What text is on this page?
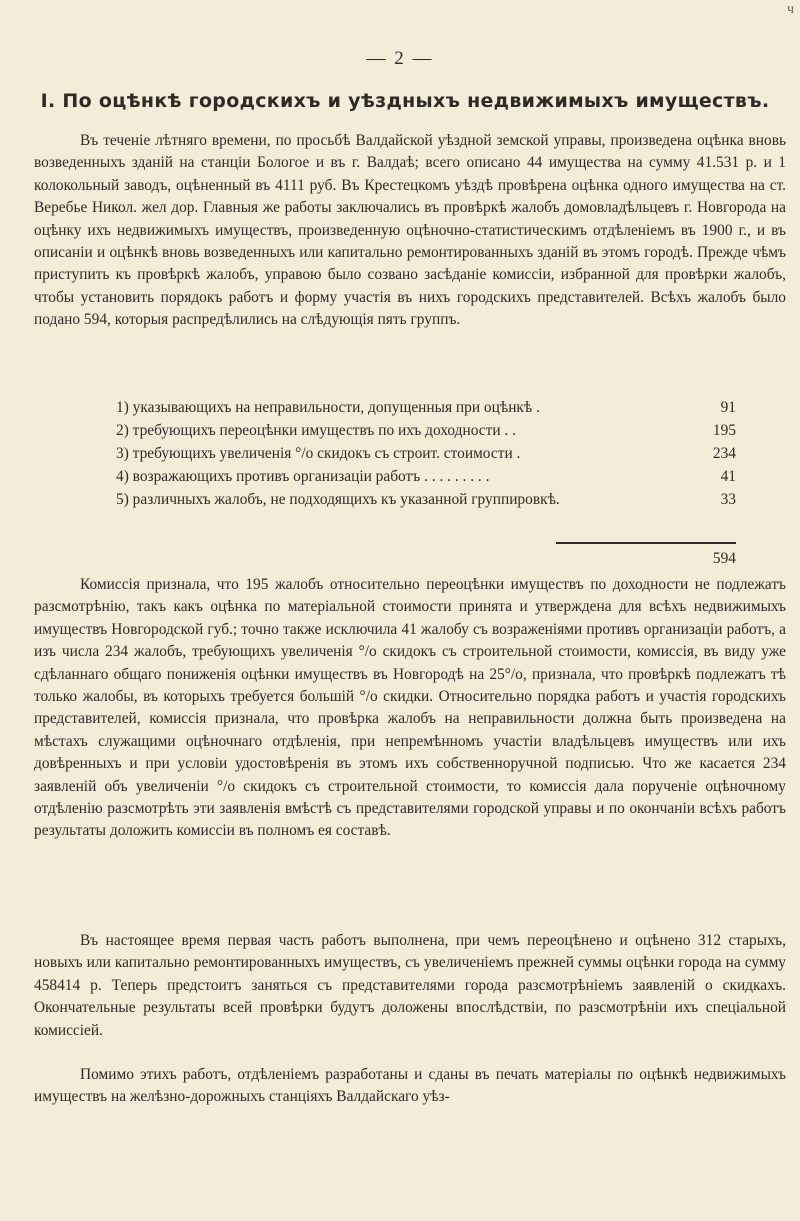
ч
— 2 —
I. По оцѣнкѣ городскихъ и уѣздныхъ недвижимыхъ имуществъ.

Въ теченіе лѣтняго времени, по просьбѣ Валдайской уѣздной земской управы, произведена оцѣнка вновь возведенныхъ зданій на станціи Бологое и въ г. Валдаѣ; всего описано 44 имущества на сумму 41.531 р. и 1 колокольный заводъ, оцѣненный въ 4111 руб. Въ Крестецкомъ уѣздѣ провѣрена оцѣнка одного имущества на ст. Веребье Никол. жел дор. Главныя же работы заключались въ провѣркѣ жалобъ домовладѣльцевъ г. Новгорода на оцѣнку ихъ недвижимыхъ имуществъ, произведенную оцѣночно-статистическимъ отдѣленіемъ въ 1900 г., и въ описаніи и оцѣнкѣ вновь возведенныхъ или капитально ремонтированныхъ зданій въ этомъ городѣ. Прежде чѣмъ приступить къ провѣркѣ жалобъ, управою было созвано засѣданіе комиссіи, избранной для провѣрки жалобъ, чтобы установить порядокъ работъ и форму участія въ нихъ городскихъ представителей. Всѣхъ жалобъ было подано 594, которыя распредѣлились на слѣдующія пять группъ.

1) указывающихъ на неправильности, допущенныя при оцѣнкѣ .	91
2) требующихъ переоцѣнки имуществъ по ихъ доходности . .	195
3) требующихъ увеличенія °/о скидокъ съ строит. стоимости .	234
4) возражающихъ противъ организаціи работъ . . . . . . . . .	41
5) различныхъ жалобъ, не подходящихъ къ указанной группировкѣ.	33
594

Комиссія признала, что 195 жалобъ относительно переоцѣнки имуществъ по доходности не подлежатъ разсмотрѣнію, такъ какъ оцѣнка по матеріальной стоимости принята и утверждена для всѣхъ недвижимыхъ имуществъ Новгородской губ.; точно также исключила 41 жалобу съ возраженіями противъ организаціи работъ, а изъ числа 234 жалобъ, требующихъ увеличенія °/о скидокъ съ строительной стоимости, комиссія, въ виду уже сдѣланнаго общаго пониженія оцѣнки имуществъ въ Новгородѣ на 25°/о, признала, что провѣркѣ подлежатъ тѣ только жалобы, въ которыхъ требуется большій °/о скидки. Относительно порядка работъ и участія городскихъ представителей, комиссія признала, что провѣрка жалобъ на неправильности должна быть произведена на мѣстахъ служащими оцѣночнаго отдѣленія, при непремѣнномъ участіи владѣльцевъ имуществъ или ихъ довѣренныхъ и при условіи удостовѣренія въ этомъ ихъ собственноручной подписью. Что же касается 234 заявленій объ увеличеніи °/о скидокъ съ строительной стоимости, то комиссія дала порученіе оцѣночному отдѣленію разсмотрѣть эти заявленія вмѣстѣ съ представителями городской управы и по окончаніи всѣхъ работъ результаты доложить комиссіи въ полномъ ея составѣ.

Въ настоящее время первая часть работъ выполнена, при чемъ переоцѣнено и оцѣнено 312 старыхъ, новыхъ или капитально ремонтированныхъ имуществъ, съ увеличеніемъ прежней суммы оцѣнки города на сумму 458414 р. Теперь предстоитъ заняться съ представителями города разсмотрѣніемъ заявленій о скидкахъ. Окончательные результаты всей провѣрки будутъ доложены впослѣдствіи, по разсмотрѣніи ихъ спеціальной комиссіей.

Помимо этихъ работъ, отдѣленіемъ разработаны и сданы въ печать матеріалы по оцѣнкѣ недвижимыхъ имуществъ на желѣзно-дорожныхъ станціяхъ Валдайскаго уѣз-
